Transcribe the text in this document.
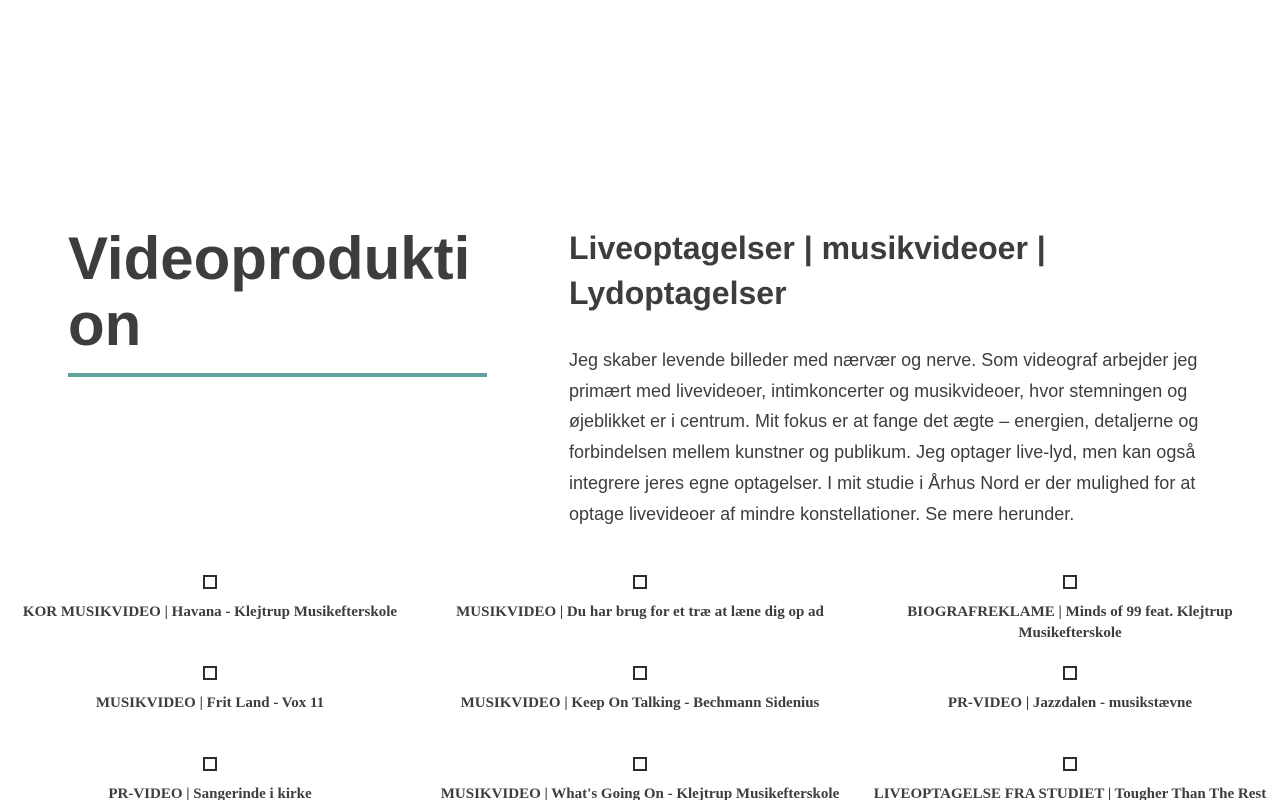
Videoproduktion
Liveoptagelser | musikvideoer | Lydoptagelser

Jeg skaber levende billeder med nærvær og nerve. Som videograf arbejder jeg primært med livevideoer, intimkoncerter og musikvideoer, hvor stemningen og øjeblikket er i centrum. Mit fokus er at fange det ægte – energien, detaljerne og forbindelsen mellem kunstner og publikum. Jeg optager live-lyd, men kan også integrere jeres egne optagelser. I mit studie i Århus Nord er der mulighed for at optage livevideoer af mindre konstellationer. Se mere herunder.

KOR MUSIKVIDEO | Havana - Klejtrup Musikefterskole	MUSIKVIDEO | Du har brug for et træ at læne dig op ad	BIOGRAFREKLAME | Minds of 99 feat. Klejtrup Musikefterskole
MUSIKVIDEO | Frit Land - Vox 11	MUSIKVIDEO | Keep On Talking - Bechmann Sidenius	PR-VIDEO | Jazzdalen - musikstævne
PR-VIDEO | Sangerinde i kirke	MUSIKVIDEO | What's Going On - Klejtrup Musikefterskole LIVEOPTAGELSE FRA STUDIET | Tougher Than The Rest
